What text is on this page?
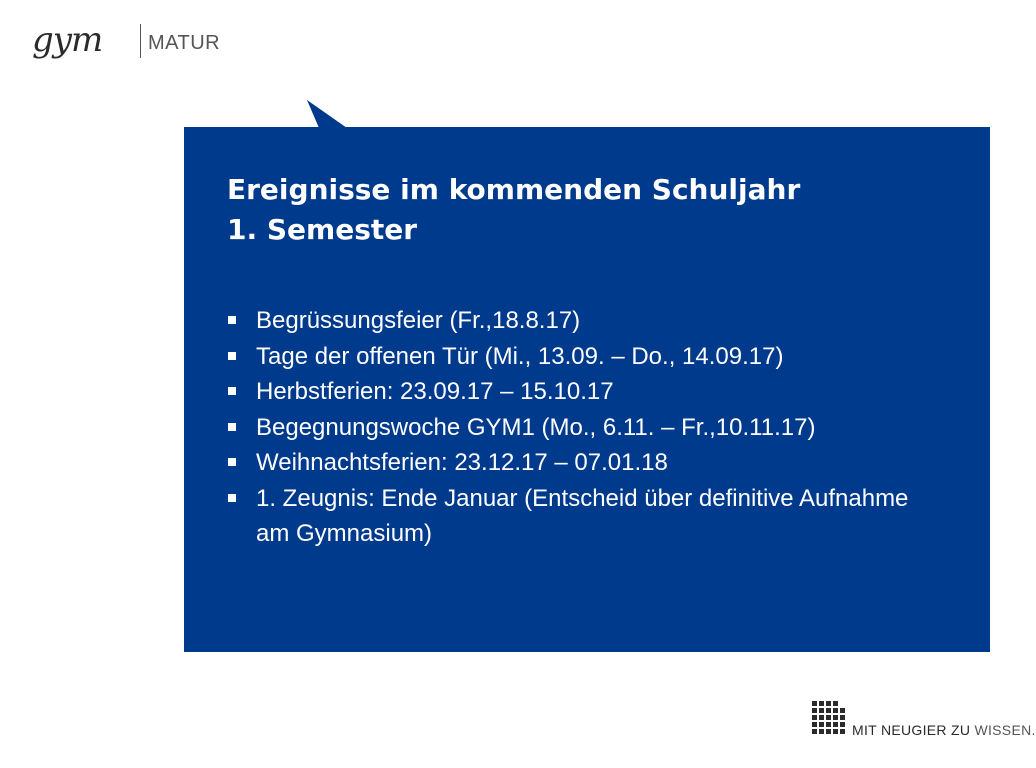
gym MATUR
Ereignisse im kommenden Schuljahr
1. Semester
Begrüssungsfeier (Fr.,18.8.17)
Tage der offenen Tür (Mi., 13.09. – Do., 14.09.17)
Herbstferien: 23.09.17 – 15.10.17
Begegnungswoche GYM1 (Mo., 6.11. – Fr.,10.11.17)
Weihnachtsferien: 23.12.17 – 07.01.18
1. Zeugnis: Ende Januar (Entscheid über definitive Aufnahme am Gymnasium)
MIT NEUGIER ZU WISSEN.
